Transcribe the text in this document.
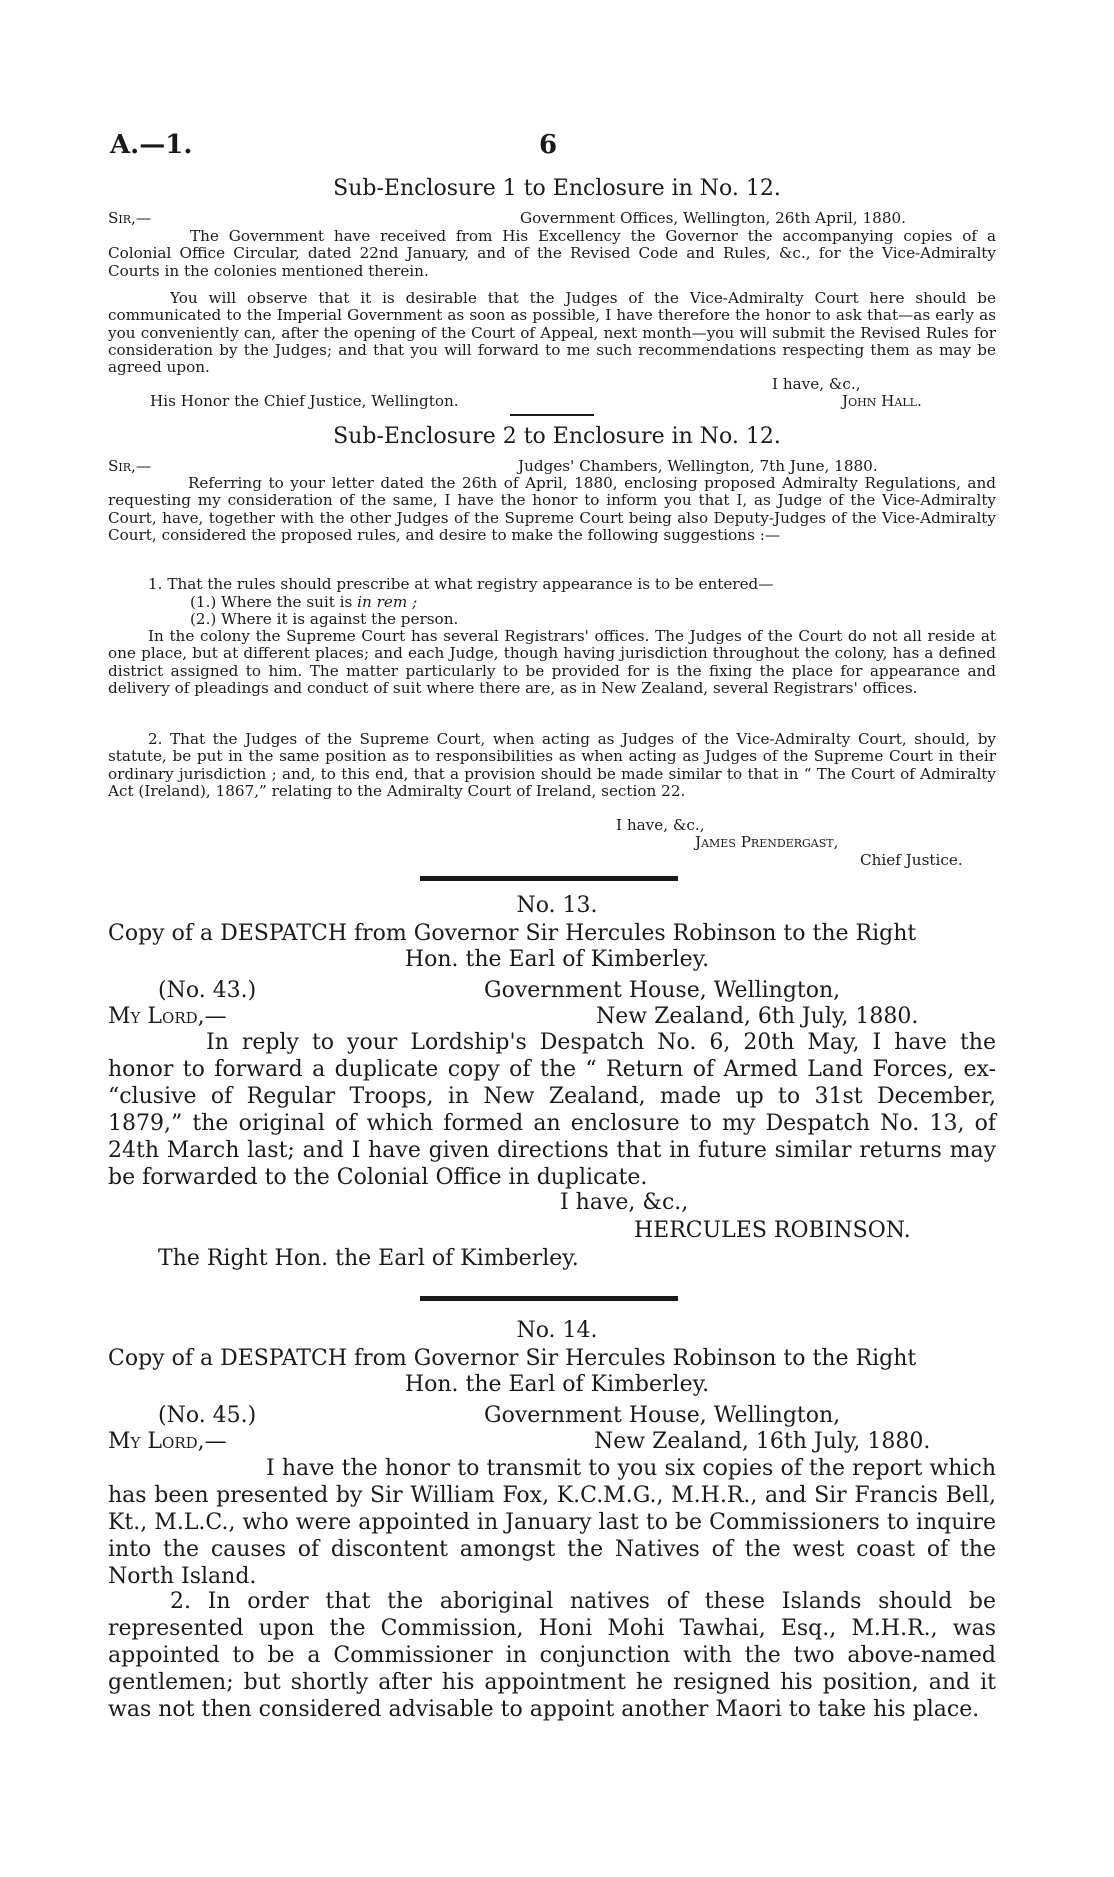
A.—1.	6
Sub-Enclosure 1 to Enclosure in No. 12.
Sir,—	Government Offices, Wellington, 26th April, 1880.
The Government have received from His Excellency the Governor the accompanying copies of a Colonial Office Circular, dated 22nd January, and of the Revised Code and Rules, &c., for the Vice-Admiralty Courts in the colonies mentioned therein.
You will observe that it is desirable that the Judges of the Vice-Admiralty Court here should be communicated to the Imperial Government as soon as possible, I have therefore the honor to ask that—as early as you conveniently can, after the opening of the Court of Appeal, next month—you will submit the Revised Rules for consideration by the Judges; and that you will forward to me such recommendations respecting them as may be agreed upon.
I have, &c.,
His Honor the Chief Justice, Wellington.	John Hall.
Sub-Enclosure 2 to Enclosure in No. 12.
Sir,—	Judges' Chambers, Wellington, 7th June, 1880.
Referring to your letter dated the 26th of April, 1880, enclosing proposed Admiralty Regulations, and requesting my consideration of the same, I have the honor to inform you that I, as Judge of the Vice-Admiralty Court, have, together with the other Judges of the Supreme Court being also Deputy-Judges of the Vice-Admiralty Court, considered the proposed rules, and desire to make the following suggestions :—
1. That the rules should prescribe at what registry appearance is to be entered—
(1.) Where the suit is in rem ;
(2.) Where it is against the person.
In the colony the Supreme Court has several Registrars' offices. The Judges of the Court do not all reside at one place, but at different places; and each Judge, though having jurisdiction throughout the colony, has a defined district assigned to him. The matter particularly to be provided for is the fixing the place for appearance and delivery of pleadings and conduct of suit where there are, as in New Zealand, several Registrars' offices.
2. That the Judges of the Supreme Court, when acting as Judges of the Vice-Admiralty Court, should, by statute, be put in the same position as to responsibilities as when acting as Judges of the Supreme Court in their ordinary jurisdiction ; and, to this end, that a provision should be made similar to that in “ The Court of Admiralty Act (Ireland), 1867,” relating to the Admiralty Court of Ireland, section 22.
I have, &c.,
James Prendergast,
Chief Justice.
No. 13.
Copy of a DESPATCH from Governor Sir Hercules Robinson to the Right
Hon. the Earl of Kimberley.
(No. 43.)	Government House, Wellington,
My Lord,—	New Zealand, 6th July, 1880.
In reply to your Lordship's Despatch No. 6, 20th May, I have the honor to forward a duplicate copy of the “ Return of Armed Land Forces, ex- “clusive of Regular Troops, in New Zealand, made up to 31st December, 1879,” the original of which formed an enclosure to my Despatch No. 13, of 24th March last; and I have given directions that in future similar returns may be forwarded to the Colonial Office in duplicate.
I have, &c.,
HERCULES ROBINSON.
The Right Hon. the Earl of Kimberley.
No. 14.
Copy of a DESPATCH from Governor Sir Hercules Robinson to the Right
Hon. the Earl of Kimberley.
(No. 45.)	Government House, Wellington,
My Lord,—	New Zealand, 16th July, 1880.
I have the honor to transmit to you six copies of the report which has been presented by Sir William Fox, K.C.M.G., M.H.R., and Sir Francis Bell, Kt., M.L.C., who were appointed in January last to be Commissioners to inquire into the causes of discontent amongst the Natives of the west coast of the North Island.
2. In order that the aboriginal natives of these Islands should be represented upon the Commission, Honi Mohi Tawhai, Esq., M.H.R., was appointed to be a Commissioner in conjunction with the two above-named gentlemen; but shortly after his appointment he resigned his position, and it was not then considered advisable to appoint another Maori to take his place.
